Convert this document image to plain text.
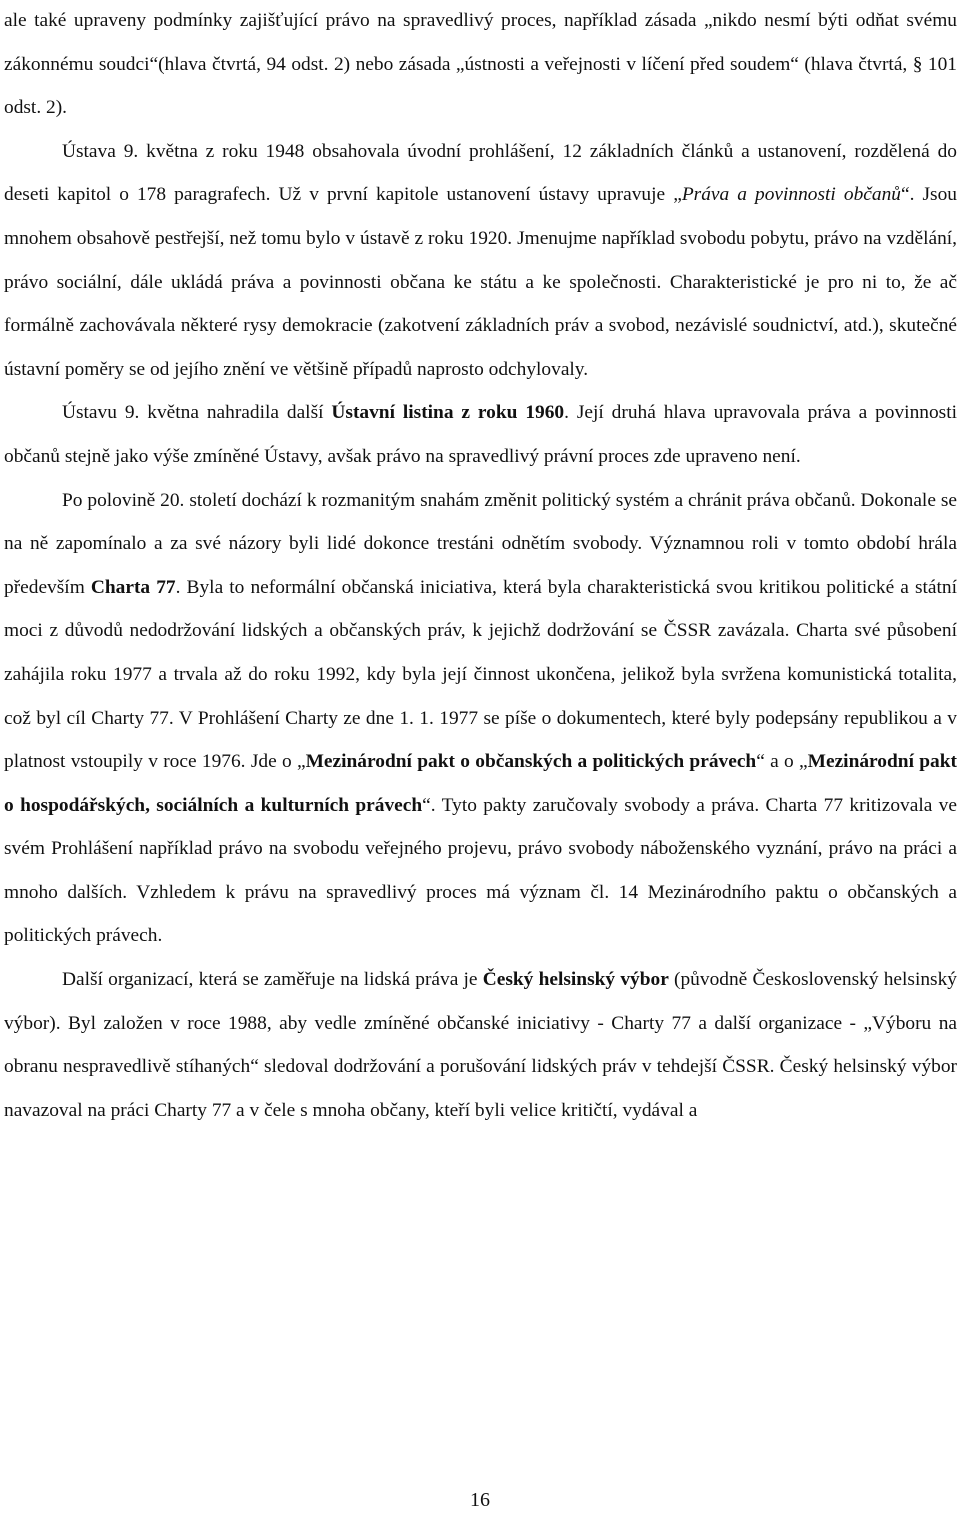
ale také upraveny podmínky zajišťující právo na spravedlivý proces, například zásada „nikdo nesmí býti odňat svému zákonnému soudci“(hlava čtvrtá, 94 odst. 2) nebo zásada „ústnosti a veřejnosti v líčení před soudem“ (hlava čtvrtá, § 101 odst. 2).

Ústava 9. května z roku 1948 obsahovala úvodní prohlášení, 12 základních článků a ustanovení, rozdělená do deseti kapitol o 178 paragrafech. Už v první kapitole ustanovení ústavy upravuje „Práva a povinnosti občanů“. Jsou mnohem obsahově pestřejší, než tomu bylo v ústavě z roku 1920. Jmenujme například svobodu pobytu, právo na vzdělání, právo sociální, dále ukládá práva a povinnosti občana ke státu a ke společnosti. Charakteristické je pro ni to, že ač formálně zachovávala některé rysy demokracie (zakotvení základních práv a svobod, nezávislé soudnictví, atd.), skutečné ústavní poměry se od jejího znění ve většině případů naprosto odchylovaly.

Ústavu 9. května nahradila další Ústavní listina z roku 1960. Její druhá hlava upravovala práva a povinnosti občanů stejně jako výše zmíněné Ústavy, avšak právo na spravedlivý právní proces zde upraveno není.

Po polovině 20. století dochází k rozmanitým snahám změnit politický systém a chránit práva občanů. Dokonale se na ně zapomínalo a za své názory byli lidé dokonce trestáni odnětím svobody. Významnou roli v tomto období hrála především Charta 77. Byla to neformální občanská iniciativa, která byla charakteristická svou kritikou politické a státní moci z důvodů nedodržování lidských a občanských práv, k jejichž dodržování se ČSSR zavázala. Charta své působení zahájila roku 1977 a trvala až do roku 1992, kdy byla její činnost ukončena, jelikož byla svržena komunistická totalita, což byl cíl Charty 77. V Prohlášení Charty ze dne 1. 1. 1977 se píše o dokumentech, které byly podepsány republikou a v platnost vstoupily v roce 1976. Jde o „Mezinárodní pakt o občanských a politických právech“ a o „Mezinárodní pakt o hospodářských, sociálních a kulturních právech“. Tyto pakty zaručovaly svobody a práva. Charta 77 kritizovala ve svém Prohlášení například právo na svobodu veřejného projevu, právo svobody náboženského vyznání, právo na práci a mnoho dalších. Vzhledem k právu na spravedlivý proces má význam čl. 14 Mezinárodního paktu o občanských a politických právech.

Další organizací, která se zaměřuje na lidská práva je Český helsinský výbor (původně Československý helsinský výbor). Byl založen v roce 1988, aby vedle zmíněné občanské iniciativy - Charty 77 a další organizace - „Výboru na obranu nespravedlivě stíhaných“ sledoval dodržování a porušování lidských práv v tehdejší ČSSR. Český helsinský výbor navazoval na práci Charty 77 a v čele s mnoha občany, kteří byli velice kritičtí, vydával a

16
